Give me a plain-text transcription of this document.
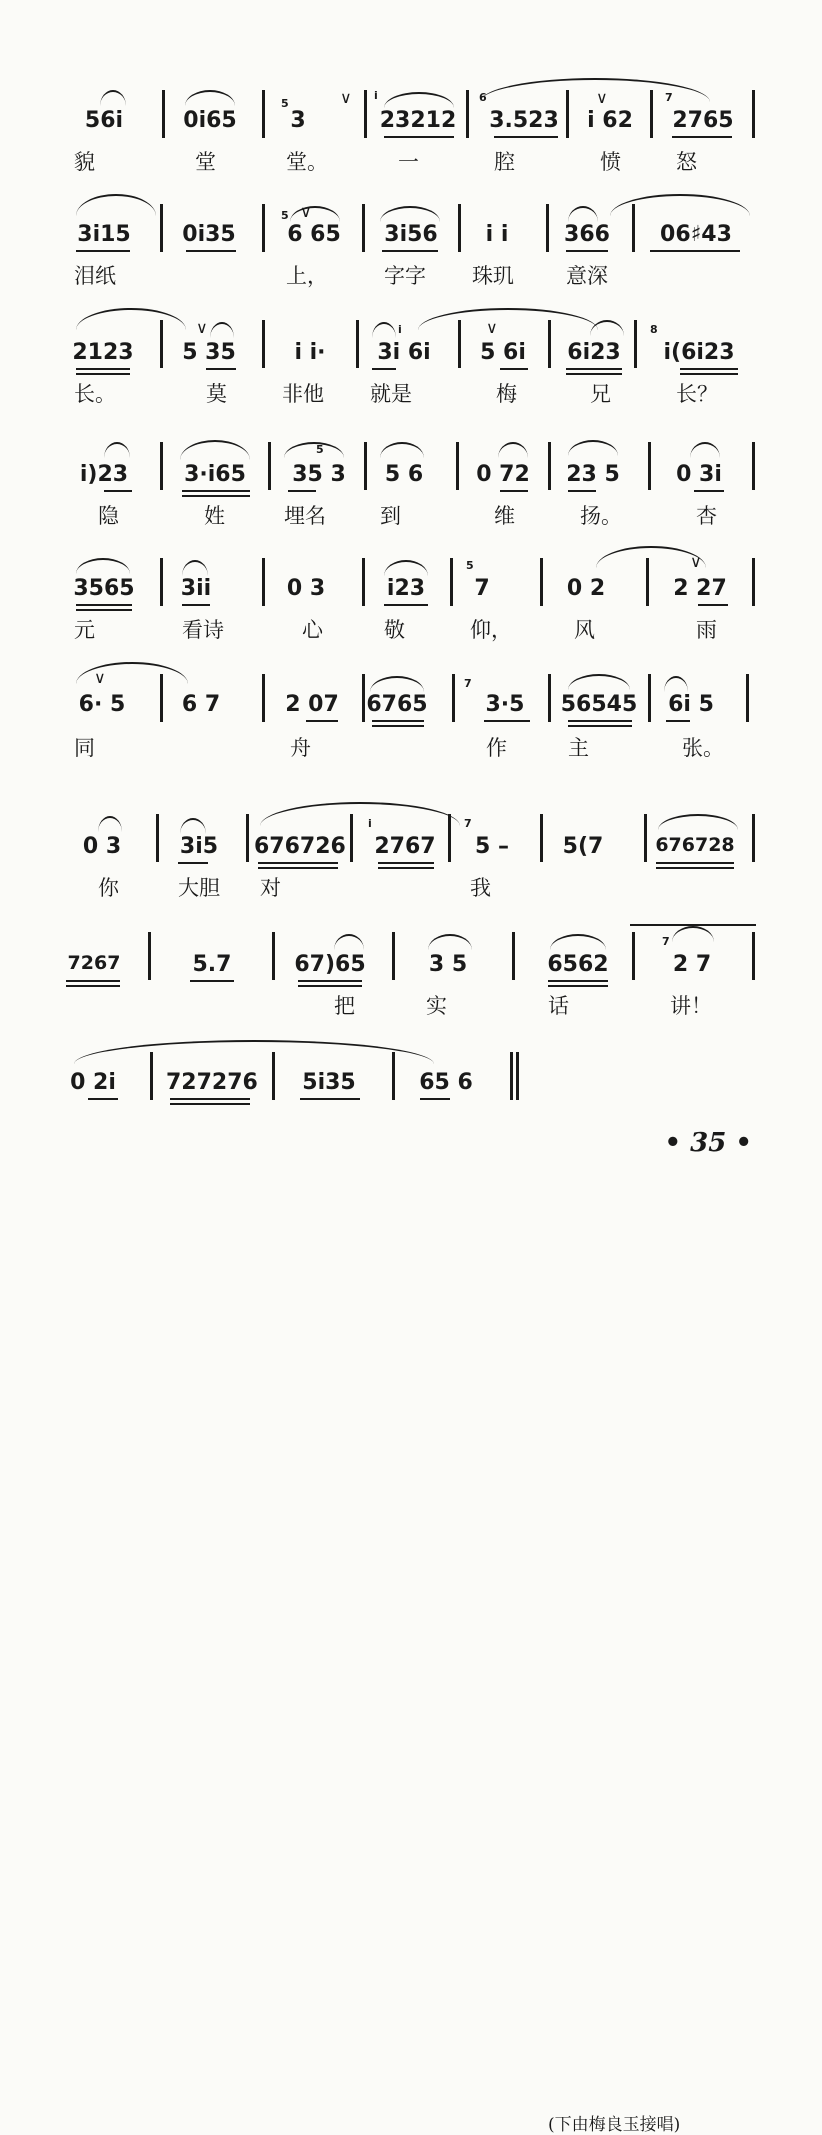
56i	0i65
5
3
∨ i
23212
6
3.523
∨
i 62
7
2765
貌	堂	堂。	一	腔	愤	怒
3i15 0i35
5 ∨
6 65	3i56	i i	366	06♯43
泪纸	上，	字字 珠玑 意深
2123
∨
5 35	i i·
i
3i 6i
∨
5 6i	6i23
8
i(6i23
长。	莫	非他 就是	梅	兄	长？
i)23	3·i65
5
35 3	5 6	0 72 23 5	0 3i
隐	姓	埋名	到	维	扬。	杏
3565 3ii	0 3	i23
5
7	0 2
∨
2 27
元	看诗	心	敬	仰，	风	雨
∨
6· 5	6 7	2 07 6765
7
3·5	56545	6i 5
同	舟	作	主	张。
0 3	3i5	676726
i
2767
7
5 –	5(7	676728
你	大胆 对	我
7267	5.7	67)65	3 5	6562
7
2 7
把	实	话	讲！
0 2i	727276	5i35	65 6
(下由梅良玉接唱)
• 35 •
